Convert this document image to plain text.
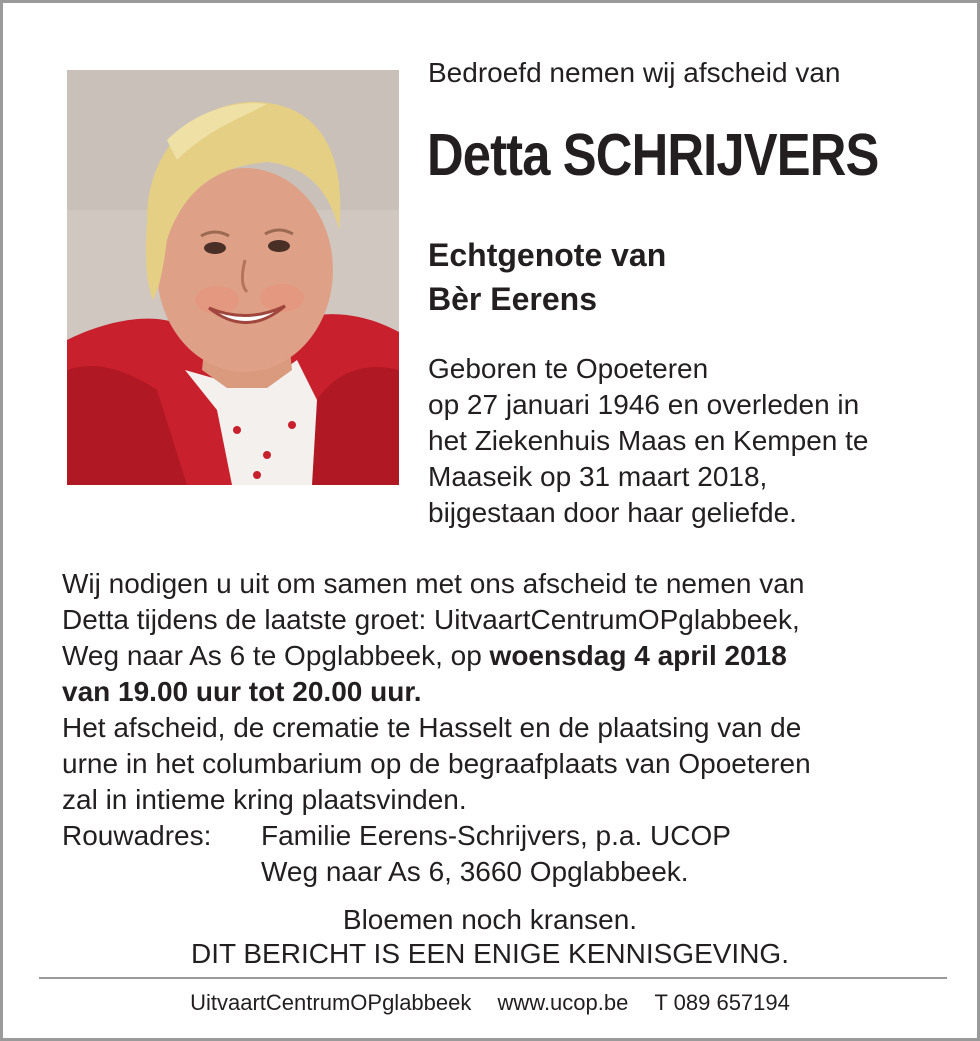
Bedroefd nemen wij afscheid van
Detta SCHRIJVERS
Echtgenote van
Bèr Eerens
Geboren te Opoeteren
op 27 januari 1946 en overleden in
het Ziekenhuis Maas en Kempen te
Maaseik op 31 maart 2018,
bijgestaan door haar geliefde.
Wij nodigen u uit om samen met ons afscheid te nemen van
Detta tijdens de laatste groet: UitvaartCentrumOPglabbeek,
Weg naar As 6 te Opglabbeek, op woensdag 4 april 2018
van 19.00 uur tot 20.00 uur.
Het afscheid, de crematie te Hasselt en de plaatsing van de
urne in het columbarium op de begraafplaats van Opoeteren
zal in intieme kring plaatsvinden.
Rouwadres:	Familie Eerens-Schrijvers, p.a. UCOP
Weg naar As 6, 3660 Opglabbeek.
Bloemen noch kransen.
DIT BERICHT IS EEN ENIGE KENNISGEVING.
UitvaartCentrumOPglabbeek www.ucop.be T 089 657194
